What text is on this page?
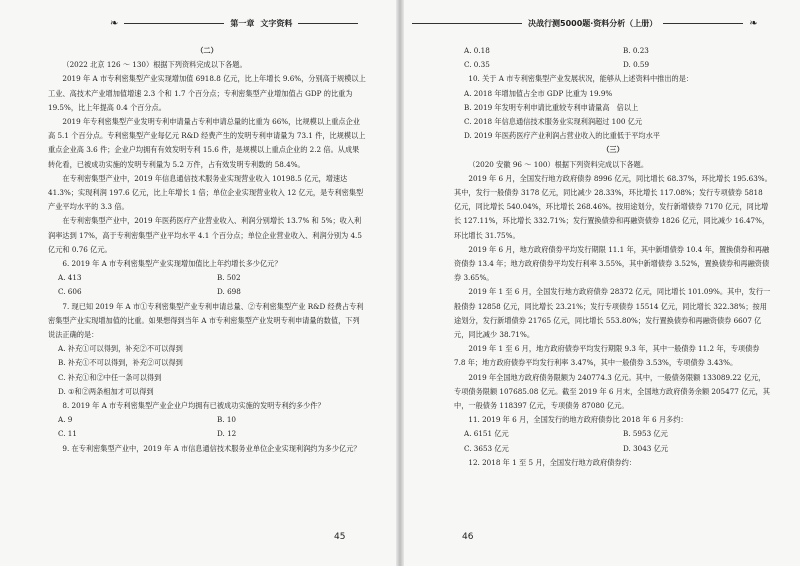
❧	第一章 文字资料

（二）

（2022 北京 126 ～ 130）根据下列资料完成以下各题。

2019 年 A 市专利密集型产业实现增加值 6918.8 亿元，比上年增长 9.6%，分别高于规模以上工业、高技术产业增加值增速 2.3 个和 1.7 个百分点；专利密集型产业增加值占 GDP 的比重为 19.5%，比上年提高 0.4 个百分点。

2019 年专利密集型产业发明专利申请量占专利申请总量的比重为 66%，比规模以上重点企业高 5.1 个百分点。专利密集型产业每亿元 R&D 经费产生的发明专利申请量为 73.1 件，比规模以上重点企业高 3.6 件；企业户均拥有有效发明专利 15.6 件，是规模以上重点企业的 2.2 倍。从成果转化看，已被成功实施的发明专利量为 5.2 万件，占有效发明专利数的 58.4%。

在专利密集型产业中，2019 年信息通信技术服务业实现营业收入 10198.5 亿元，增速达 41.3%；实现利润 197.6 亿元，比上年增长 1 倍；单位企业实现营业收入 12 亿元，是专利密集型产业平均水平的 3.3 倍。

在专利密集型产业中，2019 年医药医疗产业营业收入、利润分别增长 13.7% 和 5%；收入利润率达到 17%，高于专利密集型产业平均水平 4.1 个百分点；单位企业营业收入、利润分别为 4.5 亿元和 0.76 亿元。

6. 2019 年 A 市专利密集型产业实现增加值比上年约增长多少亿元？

A. 413	B. 502
C. 606	D. 698

7. 现已知 2019 年 A 市①专利密集型产业专利申请总量、②专利密集型产业 R&D 经费占专利密集型产业实现增加值的比重。如果想得到当年 A 市专利密集型产业发明专利申请量的数值，下列说法正确的是：

A. 补充①可以得到，补充②不可以得到
B. 补充①不可以得到，补充②可以得到
C. 补充①和②中任一条可以得到
D. ①和②两条相加才可以得到

8. 2019 年 A 市专利密集型产业企业户均拥有已被成功实施的发明专利约多少件？

A. 9	B. 10
C. 11	D. 12

9. 在专利密集型产业中，2019 年 A 市信息通信技术服务业单位企业实现利润约为多少亿元？

45
决战行测5000题·资料分析（上册）	❧
A. 0.18	B. 0.23
C. 0.35	D. 0.59

10. 关于 A 市专利密集型产业发展状况，能够从上述资料中推出的是：

A. 2018 年增加值占全市 GDP 比重为 19.9%
B. 2019 年发明专利申请比重较专利申请量高　倍以上
C. 2018 年信息通信技术服务业实现利润超过 100 亿元
D. 2019 年医药医疗产业利润占营业收入的比重低于平均水平

（三）

（2020 安徽 96 ～ 100）根据下列资料完成以下各题。

2019 年 6 月，全国发行地方政府债券 8996 亿元，同比增长 68.37%，环比增长 195.63%。其中，发行一般债券 3178 亿元，同比减少 28.33%，环比增长 117.08%；发行专项债券 5818 亿元，同比增长 540.04%，环比增长 268.46%。按用途划分，发行新增债券 7170 亿元，同比增长 127.11%，环比增长 332.71%；发行置换债券和再融资债券 1826 亿元，同比减少 16.47%，环比增长 31.75%。

2019 年 6 月，地方政府债券平均发行期限 11.1 年，其中新增债券 10.4 年，置换债券和再融资债券 13.4 年；地方政府债券平均发行利率 3.55%，其中新增债券 3.52%，置换债券和再融资债券 3.65%。

2019 年 1 至 6 月，全国发行地方政府债券 28372 亿元，同比增长 101.09%。其中，发行一般债券 12858 亿元，同比增长 23.21%；发行专项债券 15514 亿元，同比增长 322.38%；按用途划分，发行新增债券 21765 亿元，同比增长 553.80%；发行置换债券和再融资债券 6607 亿元，同比减少 38.71%。

2019 年 1 至 6 月，地方政府债券平均发行期限 9.3 年，其中一般债券 11.2 年，专项债券 7.8 年；地方政府债券平均发行利率 3.47%，其中一般债券 3.53%，专项债券 3.43%。

2019 年全国地方政府债务限额为 240774.3 亿元。其中，一般债务限额 133089.22 亿元，专项债务限额 107685.08 亿元。截至 2019 年 6 月末，全国地方政府债务余额 205477 亿元，其中，一般债务 118397 亿元，专项债务 87080 亿元。

11. 2019 年 6 月，全国发行的地方政府债券比 2018 年 6 月多约：

A. 6151 亿元	B. 5953 亿元
C. 3653 亿元	D. 3043 亿元

12. 2018 年 1 至 5 月，全国发行地方政府债券约：

46
